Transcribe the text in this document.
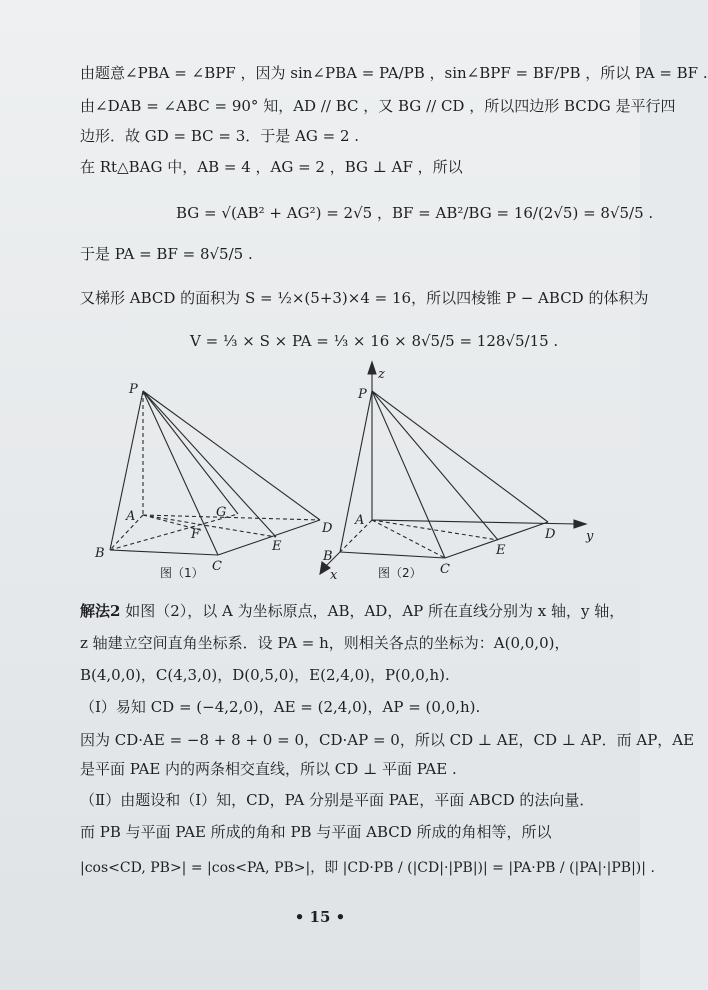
由题意∠PBA = ∠BPF ，因为 sin∠PBA = PA/PB ，sin∠BPF = BF/PB ，所以 PA = BF .
由∠DAB = ∠ABC = 90° 知，AD // BC ，又 BG // CD ，所以四边形 BCDG 是平行四
边形．故 GD = BC = 3．于是 AG = 2 .
在 Rt△BAG 中，AB = 4 ，AG = 2 ，BG ⊥ AF ，所以
BG = √(AB² + AG²) = 2√5 ，BF = AB²/BG = 16/(2√5) = 8√5/5 .
于是 PA = BF = 8√5/5 .
又梯形 ABCD 的面积为 S = ½×(5+3)×4 = 16，所以四棱锥 P − ABCD 的体积为
V = ⅓ × S × PA = ⅓ × 16 × 8√5/5 = 128√5/15 .
P
A
B
C
D
E
F
G
图（1）
z
P
A
B
C
D
E
y
x	图（2）
解法2 如图（2），以 A 为坐标原点，AB，AD，AP 所在直线分别为 x 轴，y 轴，
z 轴建立空间直角坐标系．设 PA = h，则相关各点的坐标为：A(0,0,0)，
B(4,0,0)，C(4,3,0)，D(0,5,0)，E(2,4,0)，P(0,0,h).
（Ⅰ）易知 CD = (−4,2,0)，AE = (2,4,0)，AP = (0,0,h).
因为 CD·AE = −8 + 8 + 0 = 0，CD·AP = 0，所以 CD ⊥ AE，CD ⊥ AP．而 AP，AE
是平面 PAE 内的两条相交直线，所以 CD ⊥ 平面 PAE .
（Ⅱ）由题设和（Ⅰ）知，CD，PA 分别是平面 PAE，平面 ABCD 的法向量．
而 PB 与平面 PAE 所成的角和 PB 与平面 ABCD 所成的角相等，所以
|cos<CD, PB>| = |cos<PA, PB>|，即 |CD·PB / (|CD|·|PB|)| = |PA·PB / (|PA|·|PB|)| .
• 15 •
